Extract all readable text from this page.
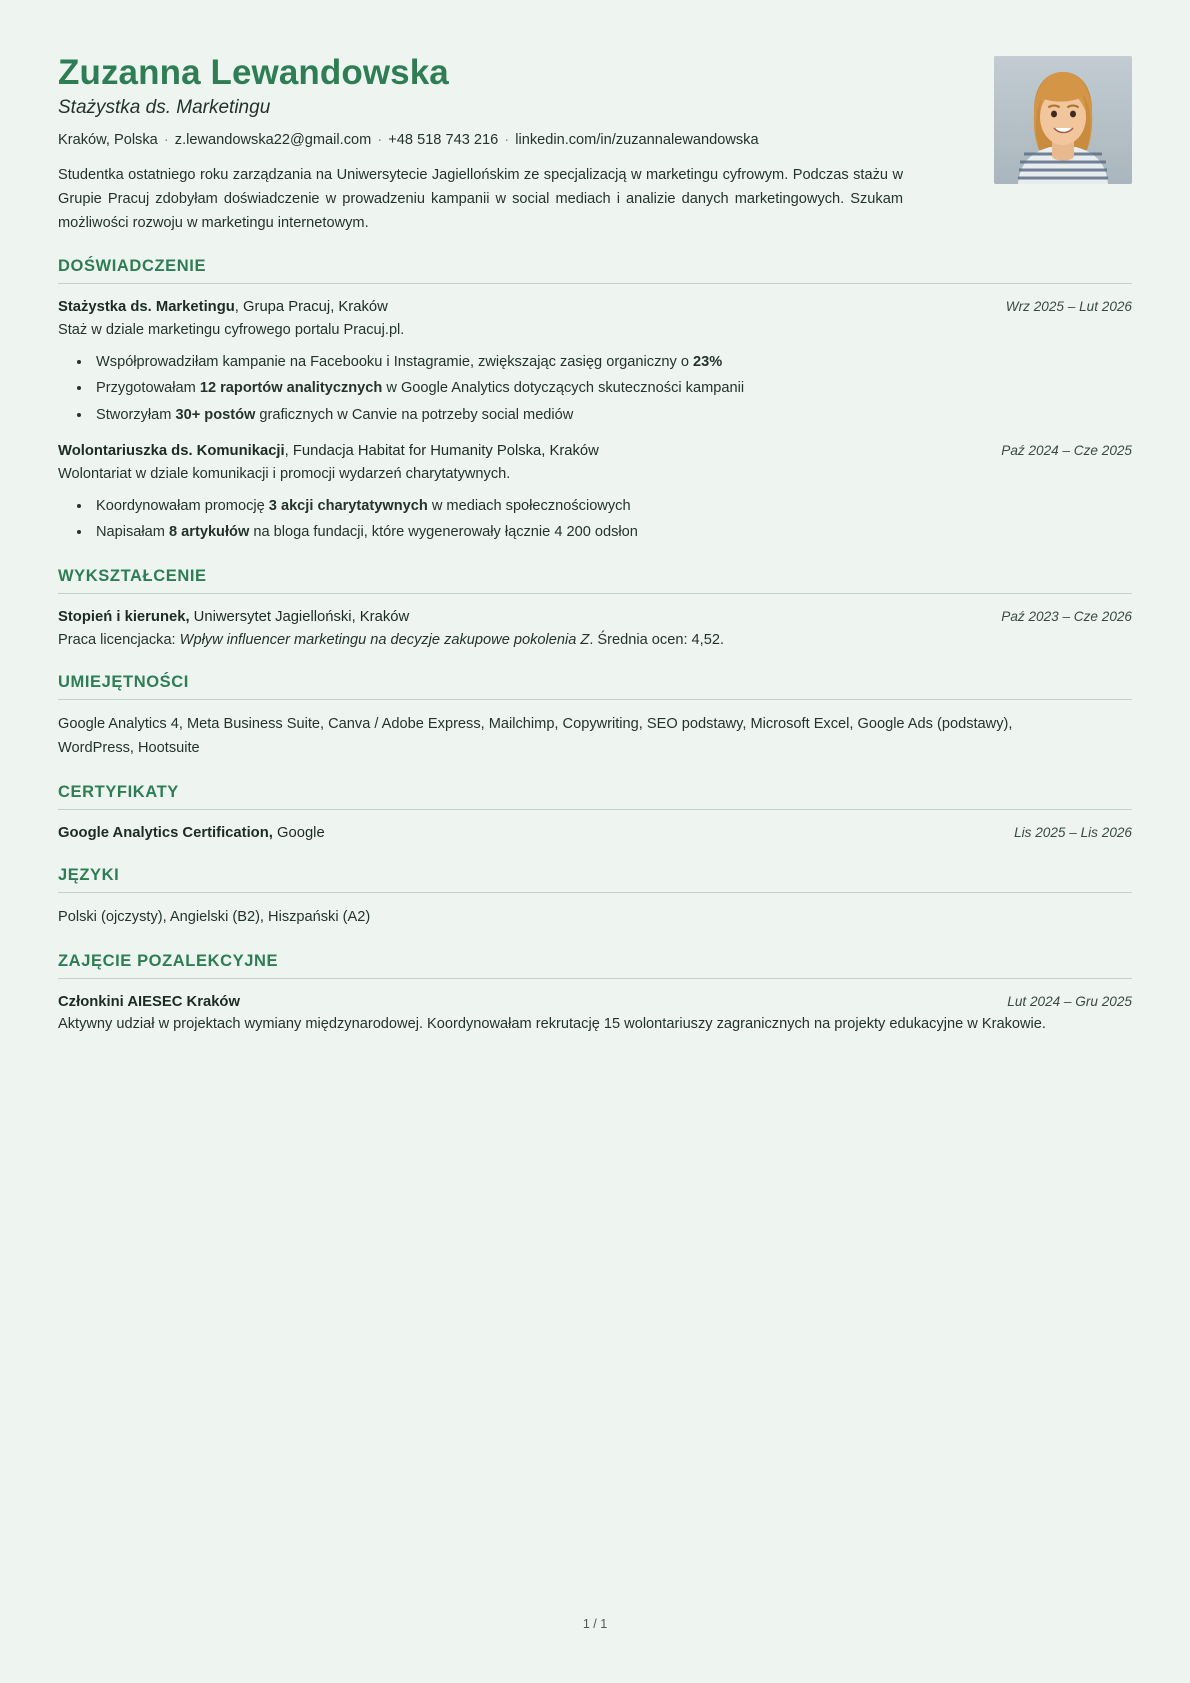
Zuzanna Lewandowska
Stażystka ds. Marketingu
Kraków, Polska · z.lewandowska22@gmail.com · +48 518 743 216 · linkedin.com/in/zuzannalewandowska
Studentka ostatniego roku zarządzania na Uniwersytecie Jagiellońskim ze specjalizacją w marketingu cyfrowym. Podczas stażu w Grupie Pracuj zdobyłam doświadczenie w prowadzeniu kampanii w social mediach i analizie danych marketingowych. Szukam możliwości rozwoju w marketingu internetowym.
DOŚWIADCZENIE
Stażystka ds. Marketingu, Grupa Pracuj, Kraków	Wrz 2025 – Lut 2026
Staż w dziale marketingu cyfrowego portalu Pracuj.pl.
• Współprowadziłam kampanie na Facebooku i Instagramie, zwiększając zasięg organiczny o 23%
• Przygotowałam 12 raportów analitycznych w Google Analytics dotyczących skuteczności kampanii
• Stworzyłam 30+ postów graficznych w Canvie na potrzeby social mediów
Wolontariuszka ds. Komunikacji, Fundacja Habitat for Humanity Polska, Kraków	Paź 2024 – Cze 2025
Wolontariat w dziale komunikacji i promocji wydarzeń charytatywnych.
• Koordynowałam promocję 3 akcji charytatywnych w mediach społecznościowych
• Napisałam 8 artykułów na bloga fundacji, które wygenerowały łącznie 4 200 odsłon
WYKSZTAŁCENIE
Stopień i kierunek, Uniwersytet Jagielloński, Kraków	Paź 2023 – Cze 2026
Praca licencjacka: Wpływ influencer marketingu na decyzje zakupowe pokolenia Z. Średnia ocen: 4,52.
UMIEJĘTNOŚCI
Google Analytics 4, Meta Business Suite, Canva / Adobe Express, Mailchimp, Copywriting, SEO podstawy, Microsoft Excel, Google Ads (podstawy), WordPress, Hootsuite
CERTYFIKATY
Google Analytics Certification, Google	Lis 2025 – Lis 2026
JĘZYKI
Polski (ojczysty), Angielski (B2), Hiszpański (A2)
ZAJĘCIE POZALEKCYJNE
Członkini AIESEC Kraków	Lut 2024 – Gru 2025
Aktywny udział w projektach wymiany międzynarodowej. Koordynowałam rekrutację 15 wolontariuszy zagranicznych na projekty edukacyjne w Krakowie.
1 / 1
